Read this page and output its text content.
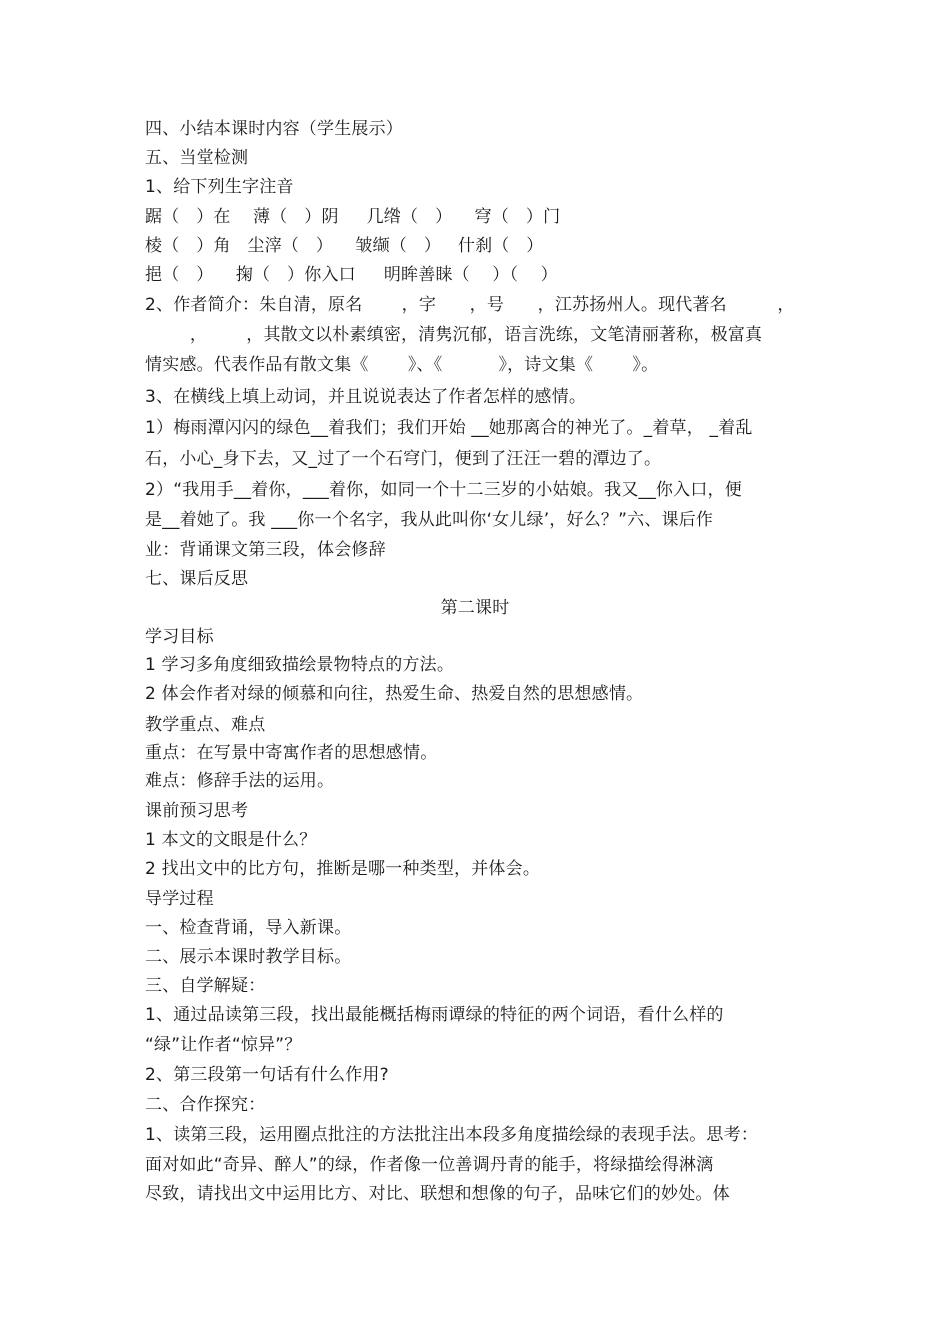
四、小结本课时内容（学生展示）
五、当堂检测
1、给下列生字注音
踞（   ）在    薄（   ）阴     几绺（   ）    穹（   ）门
棱（   ）角   尘滓（   ）    皱缬（   ）   什刹（   ）
挹（   ）    掬（   ）你入口     明眸善睐（    ）（    ）
2、作者简介：朱自清，原名       ，字      ，号      ，江苏扬州人。现代著名         ，
，       ，其散文以朴素缜密，清隽沉郁，语言洗练，文笔清丽著称，极富真
情实感。代表作品有散文集《       》、《          》，诗文集《       》。
3、在横线上填上动词，并且说说表达了作者怎样的感情。
1）梅雨潭闪闪的绿色__着我们；我们开始 __她那离合的神光了。_着草， _着乱
石，小心_身下去，又_过了一个石穹门，便到了汪汪一碧的潭边了。
2）“我用手__着你，___着你，如同一个十二三岁的小姑娘。我又__你入口，便
是__着她了。我 ___你一个名字，我从此叫你‘女儿绿’，好么？”六、课后作
业：背诵课文第三段，体会修辞
七、课后反思
第二课时
学习目标
1 学习多角度细致描绘景物特点的方法。
2 体会作者对绿的倾慕和向往，热爱生命、热爱自然的思想感情。
教学重点、难点
重点：在写景中寄寓作者的思想感情。
难点：修辞手法的运用。
课前预习思考
1 本文的文眼是什么？
2 找出文中的比方句，推断是哪一种类型，并体会。
导学过程
一、检查背诵，导入新课。
二、展示本课时教学目标。
三、自学解疑：
1、通过品读第三段，找出最能概括梅雨谭绿的特征的两个词语，看什么样的
“绿”让作者“惊异”？
2、第三段第一句话有什么作用?
二、合作探究：
1、读第三段，运用圈点批注的方法批注出本段多角度描绘绿的表现手法。思考：
面对如此“奇异、醉人”的绿，作者像一位善调丹青的能手，将绿描绘得淋漓
尽致，请找出文中运用比方、对比、联想和想像的句子，品味它们的妙处。体
